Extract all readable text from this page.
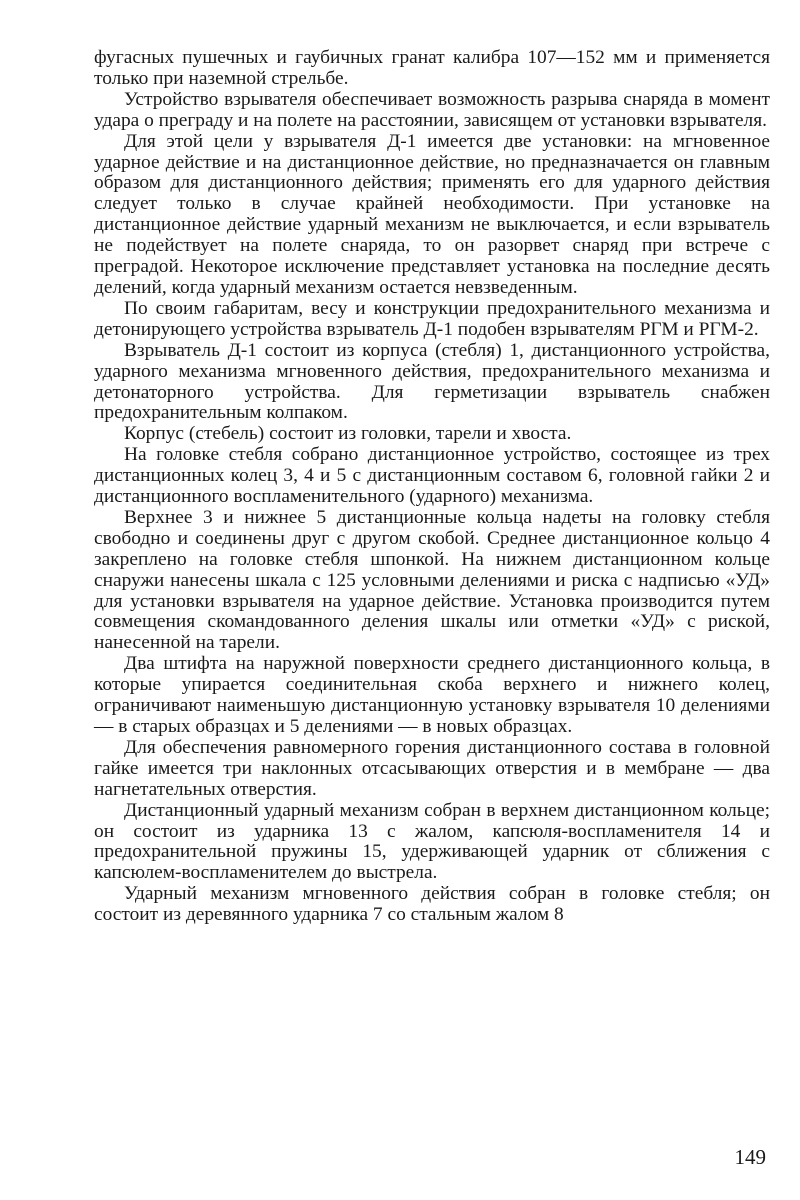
фугасных пушечных и гаубичных гранат калибра 107—152 мм и применяется только при наземной стрельбе.

Устройство взрывателя обеспечивает возможность разрыва снаряда в момент удара о преграду и на полете на расстоянии, зависящем от установки взрывателя.

Для этой цели у взрывателя Д-1 имеется две установки: на мгновенное ударное действие и на дистанционное действие, но предназначается он главным образом для дистанционного действия; применять его для ударного действия следует только в случае крайней необходимости. При установке на дистанционное действие ударный механизм не выключается, и если взрыватель не подействует на полете снаряда, то он разорвет снаряд при встрече с преградой. Некоторое исключение представляет установка на последние десять делений, когда ударный механизм остается невзведенным.

По своим габаритам, весу и конструкции предохранительного механизма и детонирующего устройства взрыватель Д-1 подобен взрывателям РГМ и РГМ-2.

Взрыватель Д-1 состоит из корпуса (стебля) 1, дистанционного устройства, ударного механизма мгновенного действия, предохранительного механизма и детонаторного устройства. Для герметизации взрыватель снабжен предохранительным колпаком.

Корпус (стебель) состоит из головки, тарели и хвоста.

На головке стебля собрано дистанционное устройство, состоящее из трех дистанционных колец 3, 4 и 5 с дистанционным составом 6, головной гайки 2 и дистанционного воспламенительного (ударного) механизма.

Верхнее 3 и нижнее 5 дистанционные кольца надеты на головку стебля свободно и соединены друг с другом скобой. Среднее дистанционное кольцо 4 закреплено на головке стебля шпонкой. На нижнем дистанционном кольце снаружи нанесены шкала с 125 условными делениями и риска с надписью «УД» для установки взрывателя на ударное действие. Установка производится путем совмещения скомандованного деления шкалы или отметки «УД» с риской, нанесенной на тарели.

Два штифта на наружной поверхности среднего дистанционного кольца, в которые упирается соединительная скоба верхнего и нижнего колец, ограничивают наименьшую дистанционную установку взрывателя 10 делениями — в старых образцах и 5 делениями — в новых образцах.

Для обеспечения равномерного горения дистанционного состава в головной гайке имеется три наклонных отсасывающих отверстия и в мембране — два нагнетательных отверстия.

Дистанционный ударный механизм собран в верхнем дистанционном кольце; он состоит из ударника 13 с жалом, капсюля-воспламенителя 14 и предохранительной пружины 15, удерживающей ударник от сближения с капсюлем-воспламенителем до выстрела.

Ударный механизм мгновенного действия собран в головке стебля; он состоит из деревянного ударника 7 со стальным жалом 8

149
